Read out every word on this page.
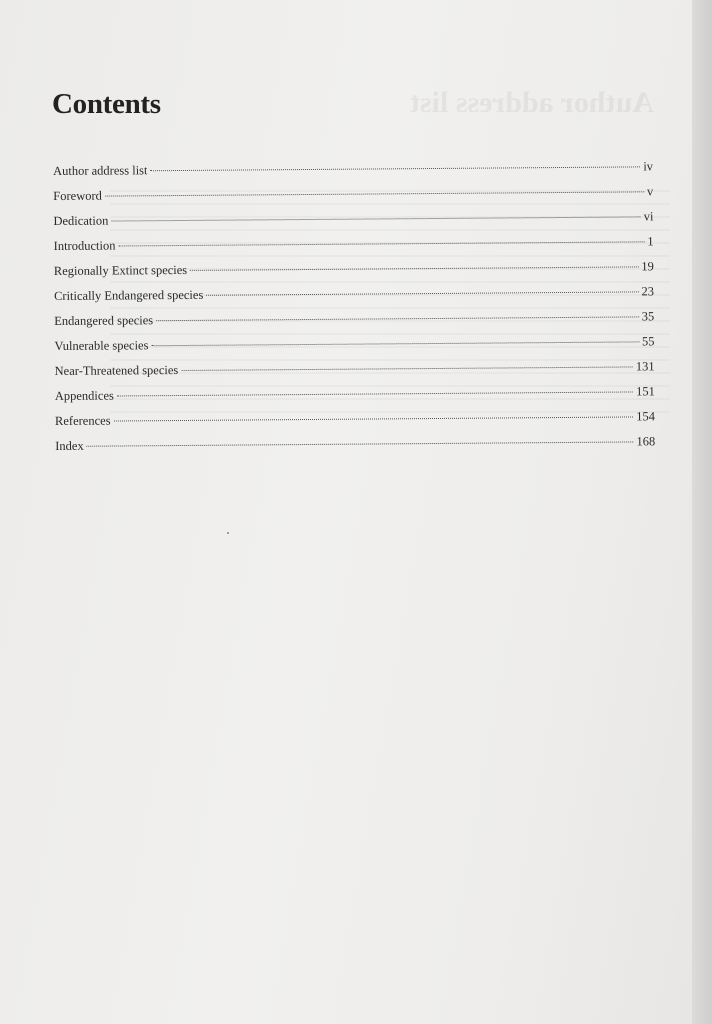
Author address list
Contents
Author address list	iv
Foreword	v
Dedication	vi
Introduction	1
Regionally Extinct species	19
Critically Endangered species	23
Endangered species	35
Vulnerable species	55
Near-Threatened species	131
Appendices	151
References	154
Index	168
